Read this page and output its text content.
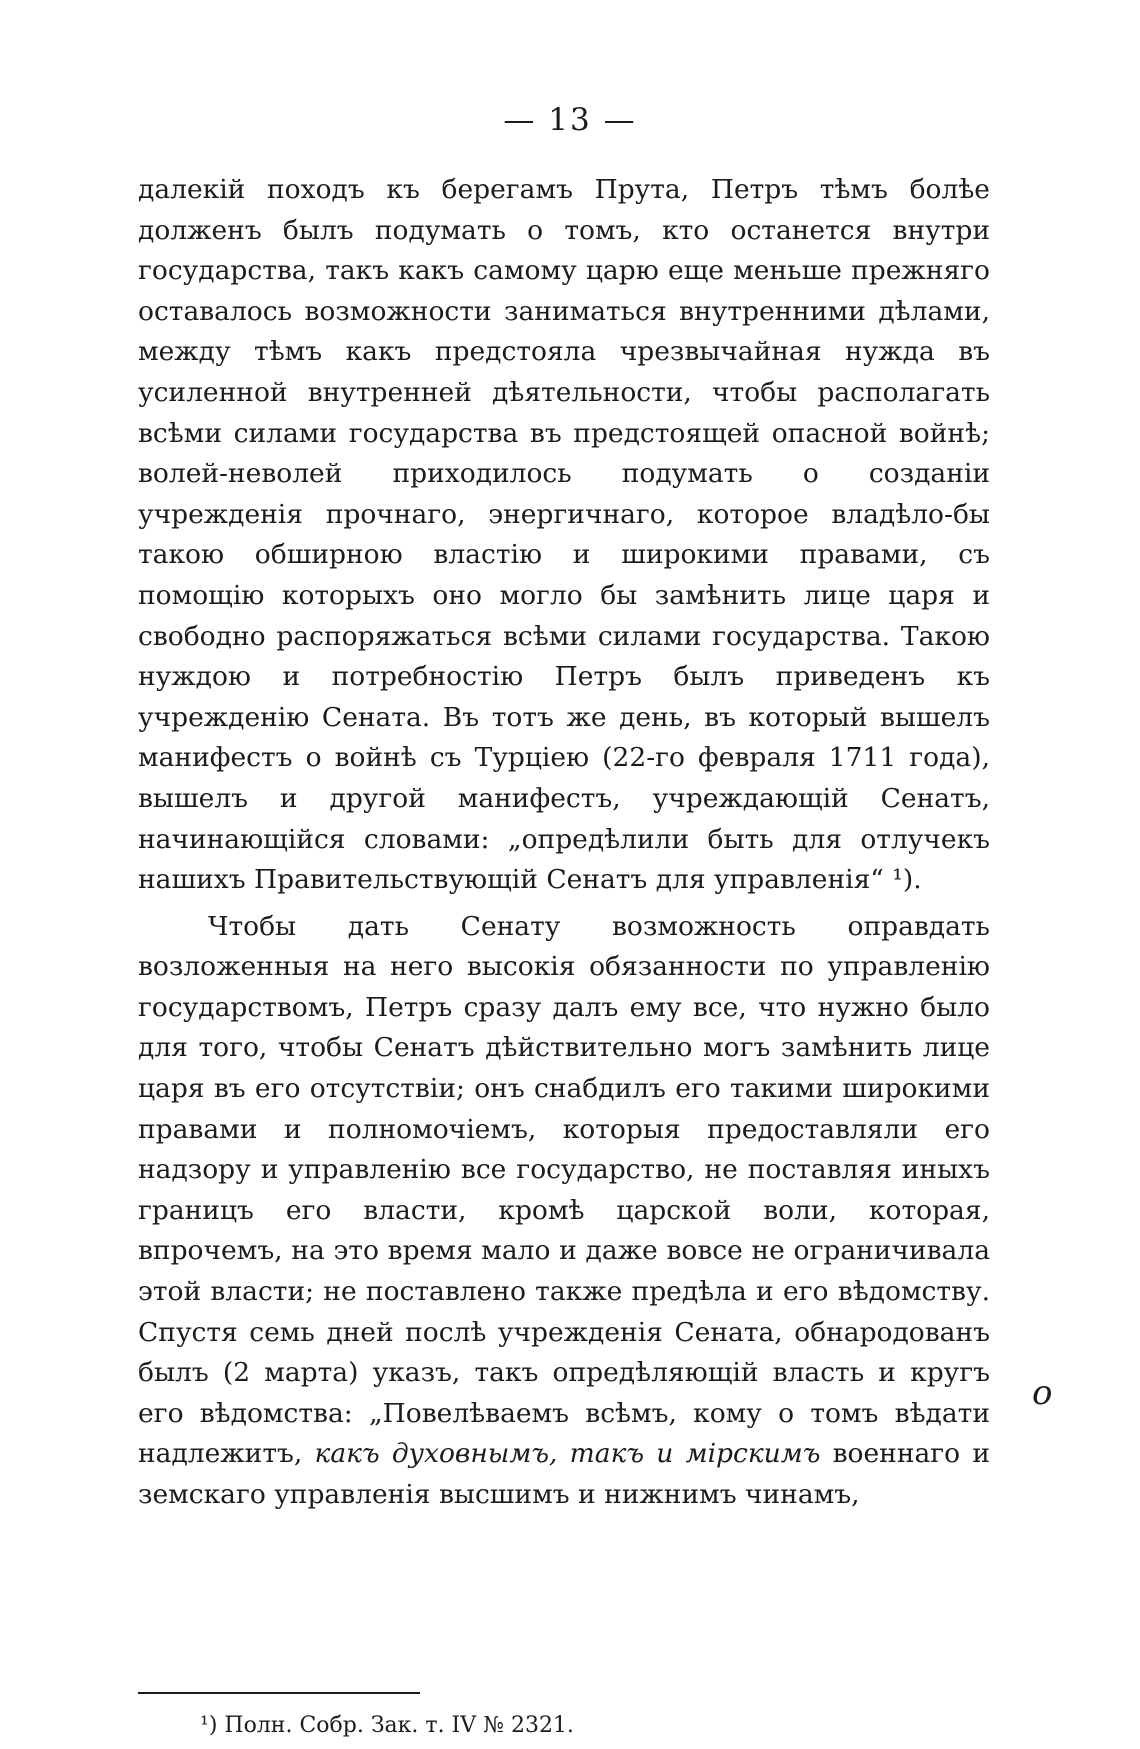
— 13 —

далекій походъ къ берегамъ Прута, Петръ тѣмъ болѣе долженъ былъ подумать о томъ, кто останется внутри государства, такъ какъ самому царю еще меньше прежняго оставалось возможности заниматься внутренними дѣлами, между тѣмъ какъ предстояла чрезвычайная нужда въ усиленной внутренней дѣятельности, чтобы располагать всѣми силами государства въ предстоящей опасной войнѣ; волей-неволей приходилось подумать о созданіи учрежденія прочнаго, энергичнаго, которое владѣло-бы такою обширною властію и широкими правами, съ помощію которыхъ оно могло бы замѣнить лице царя и свободно распоряжаться всѣми силами государства. Такою нуждою и потребностію Петръ былъ приведенъ къ учрежденію Сената. Въ тотъ же день, въ который вышелъ манифестъ о войнѣ съ Турціею (22-го февраля 1711 года), вышелъ и другой манифестъ, учреждающій Сенатъ, начинающійся словами: „опредѣлили быть для отлучекъ нашихъ Правительствующій Сенатъ для управленія“ ¹).

Чтобы дать Сенату возможность оправдать возложенныя на него высокія обязанности по управленію государствомъ, Петръ сразу далъ ему все, что нужно было для того, чтобы Сенатъ дѣйствительно могъ замѣнить лице царя въ его отсутствіи; онъ снабдилъ его такими широкими правами и полномочіемъ, которыя предоставляли его надзору и управленію все государство, не поставляя иныхъ границъ его власти, кромѣ царской воли, которая, впрочемъ, на это время мало и даже вовсе не ограничивала этой власти; не поставлено также предѣла и его вѣдомству. Спустя семь дней послѣ учрежденія Сената, обнародованъ былъ (2 марта) указъ, такъ опредѣляющій власть и кругъ его вѣдомства: „Повелѣваемъ всѣмъ, кому о томъ вѣдати надлежитъ, какъ духовнымъ, такъ и мірскимъ военнаго и земскаго управленія высшимъ и нижнимъ чинамъ,

¹) Полн. Собр. Зак. т. IV № 2321.
o
